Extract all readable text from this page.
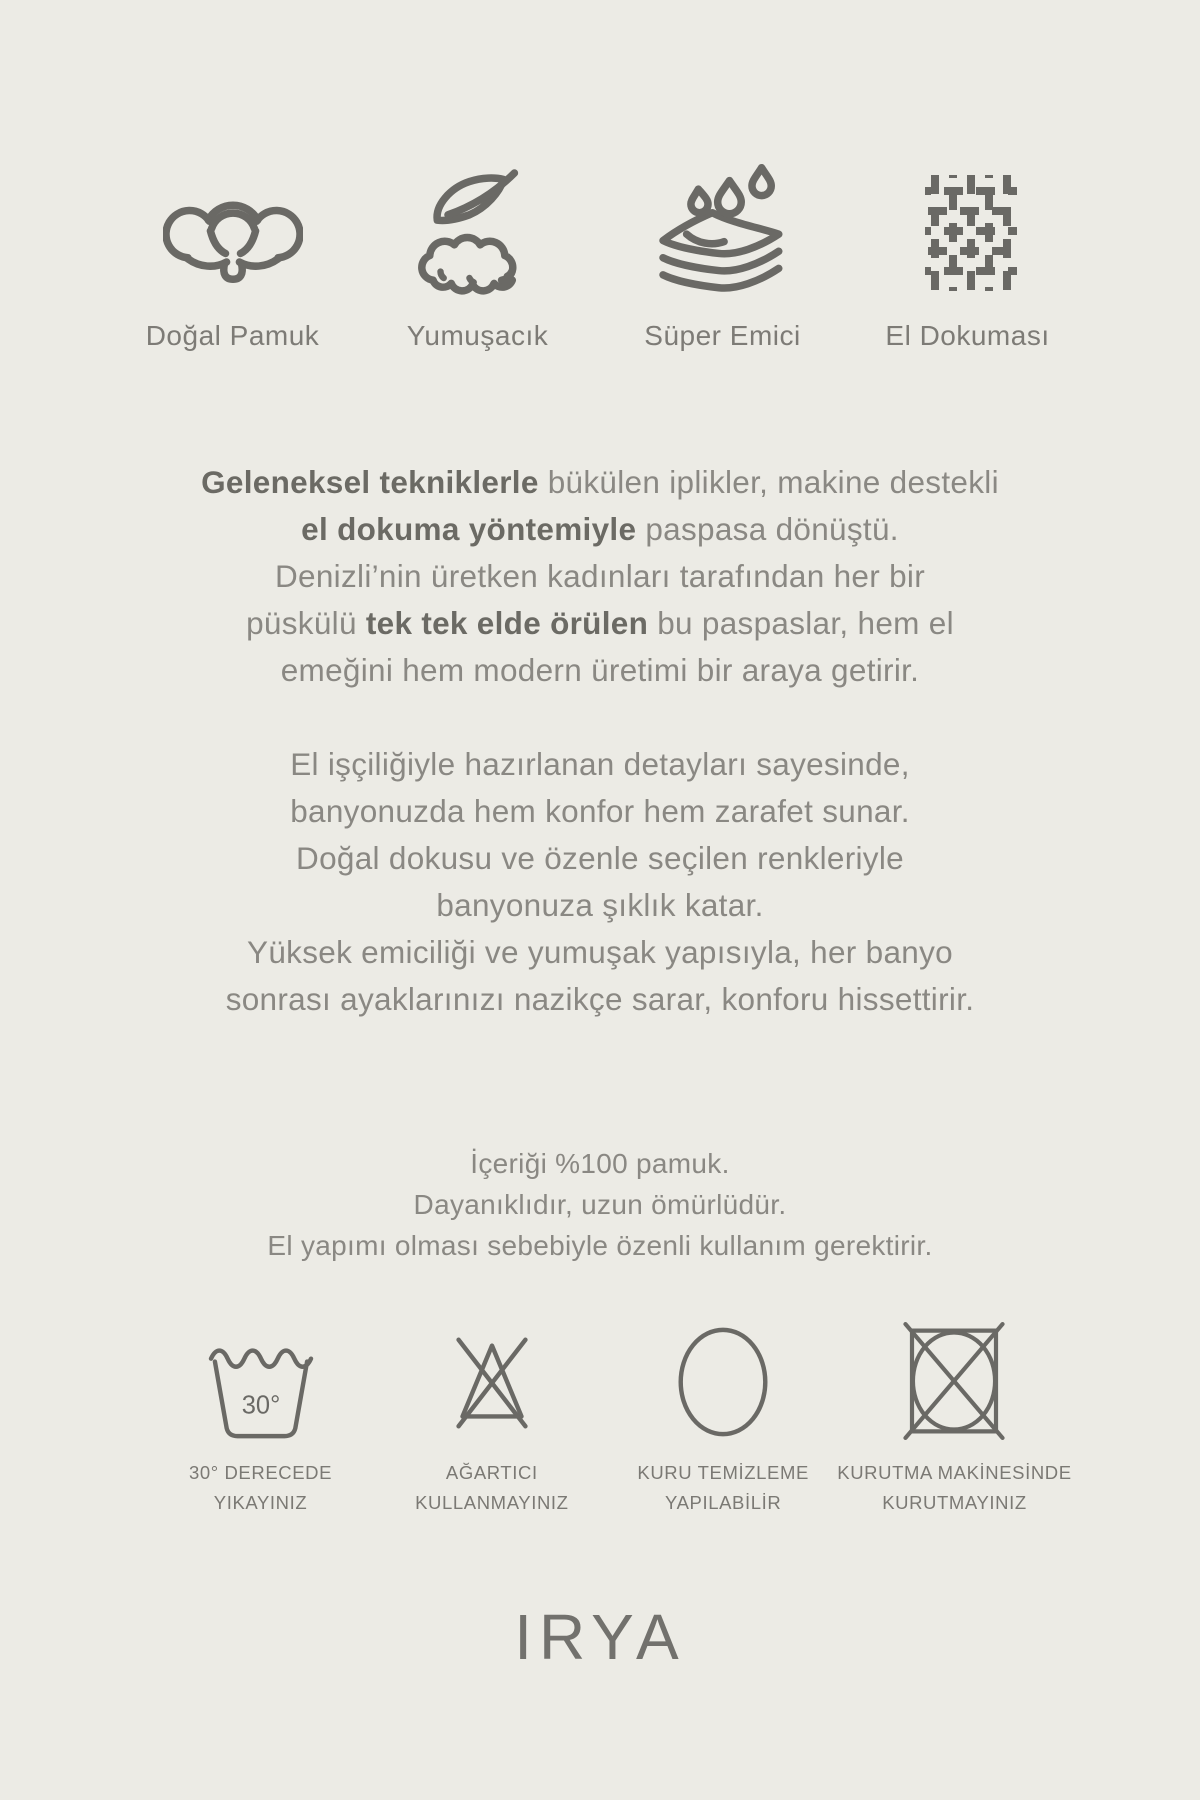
Doğal Pamuk	Yumuşacık	Süper Emici	El Dokuması
Geleneksel tekniklerle bükülen iplikler, makine destekli
el dokuma yöntemiyle paspasa dönüştü.
Denizli’nin üretken kadınları tarafından her bir
püskülü tek tek elde örülen bu paspaslar, hem el
emeğini hem modern üretimi bir araya getirir.
El işçiliğiyle hazırlanan detayları sayesinde,
banyonuzda hem konfor hem zarafet sunar.
Doğal dokusu ve özenle seçilen renkleriyle
banyonuza şıklık katar.
Yüksek emiciliği ve yumuşak yapısıyla, her banyo
sonrası ayaklarınızı nazikçe sarar, konforu hissettirir.
İçeriği %100 pamuk.
Dayanıklıdır, uzun ömürlüdür.
El yapımı olması sebebiyle özenli kullanım gerektirir.
30°
30° DERECEDE
YIKAYINIZ
AĞARTICI
KULLANMAYINIZ
KURU TEMİZLEME
YAPILABİLİR
KURUTMA MAKİNESİNDE
KURUTMAYINIZ
IRYA
